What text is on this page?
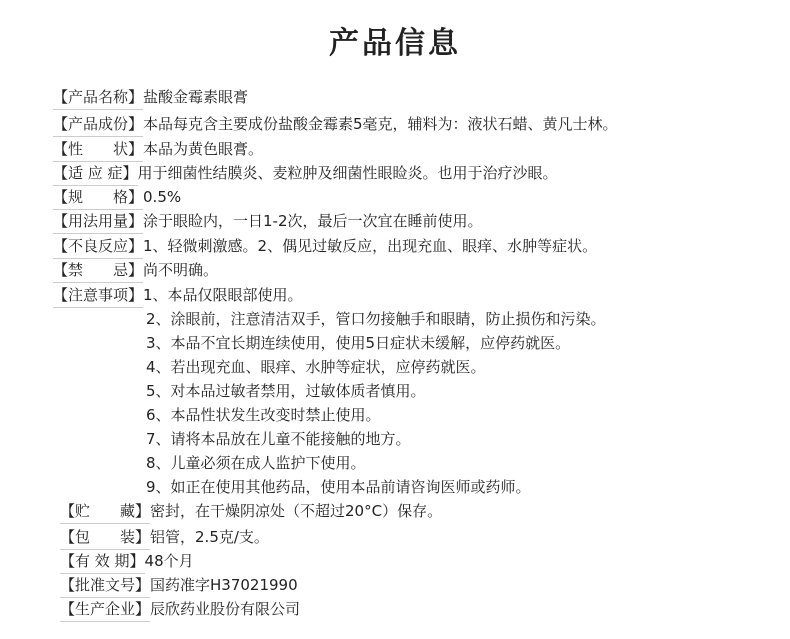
产品信息
【产品名称】
盐酸金霉素眼膏
【产品成份】
本品每克含主要成份盐酸金霉素5毫克，辅料为：液状石蜡、黄凡士林。
【性　　状】
本品为黄色眼膏。
【适 应 症】
用于细菌性结膜炎、麦粒肿及细菌性眼睑炎。也用于治疗沙眼。
【规　　格】
0.5%
【用法用量】
涂于眼睑内，一日1-2次，最后一次宜在睡前使用。
【不良反应】
1、轻微刺激感。2、偶见过敏反应，出现充血、眼痒、水肿等症状。
【禁　　忌】
尚不明确。
【注意事项】
1、本品仅限眼部使用。
2、涂眼前，注意清洁双手，管口勿接触手和眼睛，防止损伤和污染。
3、本品不宜长期连续使用，使用5日症状未缓解，应停药就医。
4、若出现充血、眼痒、水肿等症状，应停药就医。
5、对本品过敏者禁用，过敏体质者慎用。
6、本品性状发生改变时禁止使用。
7、请将本品放在儿童不能接触的地方。
8、儿童必须在成人监护下使用。
9、如正在使用其他药品，使用本品前请咨询医师或药师。
【贮　　藏】
密封，在干燥阴凉处（不超过20°C）保存。
【包　　装】
铝管，2.5克/支。
【有 效 期】
48个月
【批准文号】
国药准字H37021990
【生产企业】
辰欣药业股份有限公司
